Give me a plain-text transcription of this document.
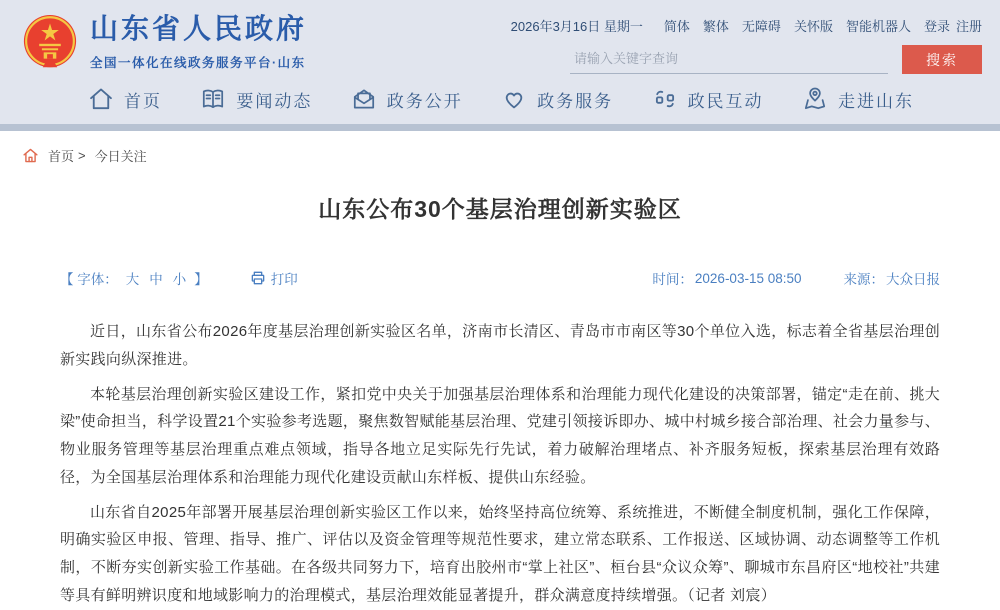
山东省人民政府
全国一体化在线政务服务平台·山东
2026年3月16日 星期一 简体 繁体 无障碍 关怀版 智能机器人 登录 注册
请输入关键字查询
搜索
首页	要闻动态	政务公开	政务服务	政民互动	走进山东
首页 > 今日关注
山东公布30个基层治理创新实验区
【 字体： 大 中 小 】	打印	时间： 2026-03-15 08:50	来源： 大众日报

近日，山东省公布2026年度基层治理创新实验区名单，济南市长清区、青岛市市南区等30个单位入选，标志着全省基层治理创新实践向纵深推进。

本轮基层治理创新实验区建设工作，紧扣党中央关于加强基层治理体系和治理能力现代化建设的决策部署，锚定“走在前、挑大梁”使命担当，科学设置21个实验参考选题，聚焦数智赋能基层治理、党建引领接诉即办、城中村城乡接合部治理、社会力量参与、物业服务管理等基层治理重点难点领域，指导各地立足实际先行先试，着力破解治理堵点、补齐服务短板，探索基层治理有效路径，为全国基层治理体系和治理能力现代化建设贡献山东样板、提供山东经验。

山东省自2025年部署开展基层治理创新实验区工作以来，始终坚持高位统筹、系统推进，不断健全制度机制，强化工作保障，明确实验区申报、管理、指导、推广、评估以及资金管理等规范性要求，建立常态联系、工作报送、区域协调、动态调整等工作机制，不断夯实创新实验工作基础。在各级共同努力下，培育出胶州市“掌上社区”、桓台县“众议众筹”、聊城市东昌府区“地校社”共建等具有鲜明辨识度和地域影响力的治理模式，基层治理效能显著提升，群众满意度持续增强。（记者 刘宸）
